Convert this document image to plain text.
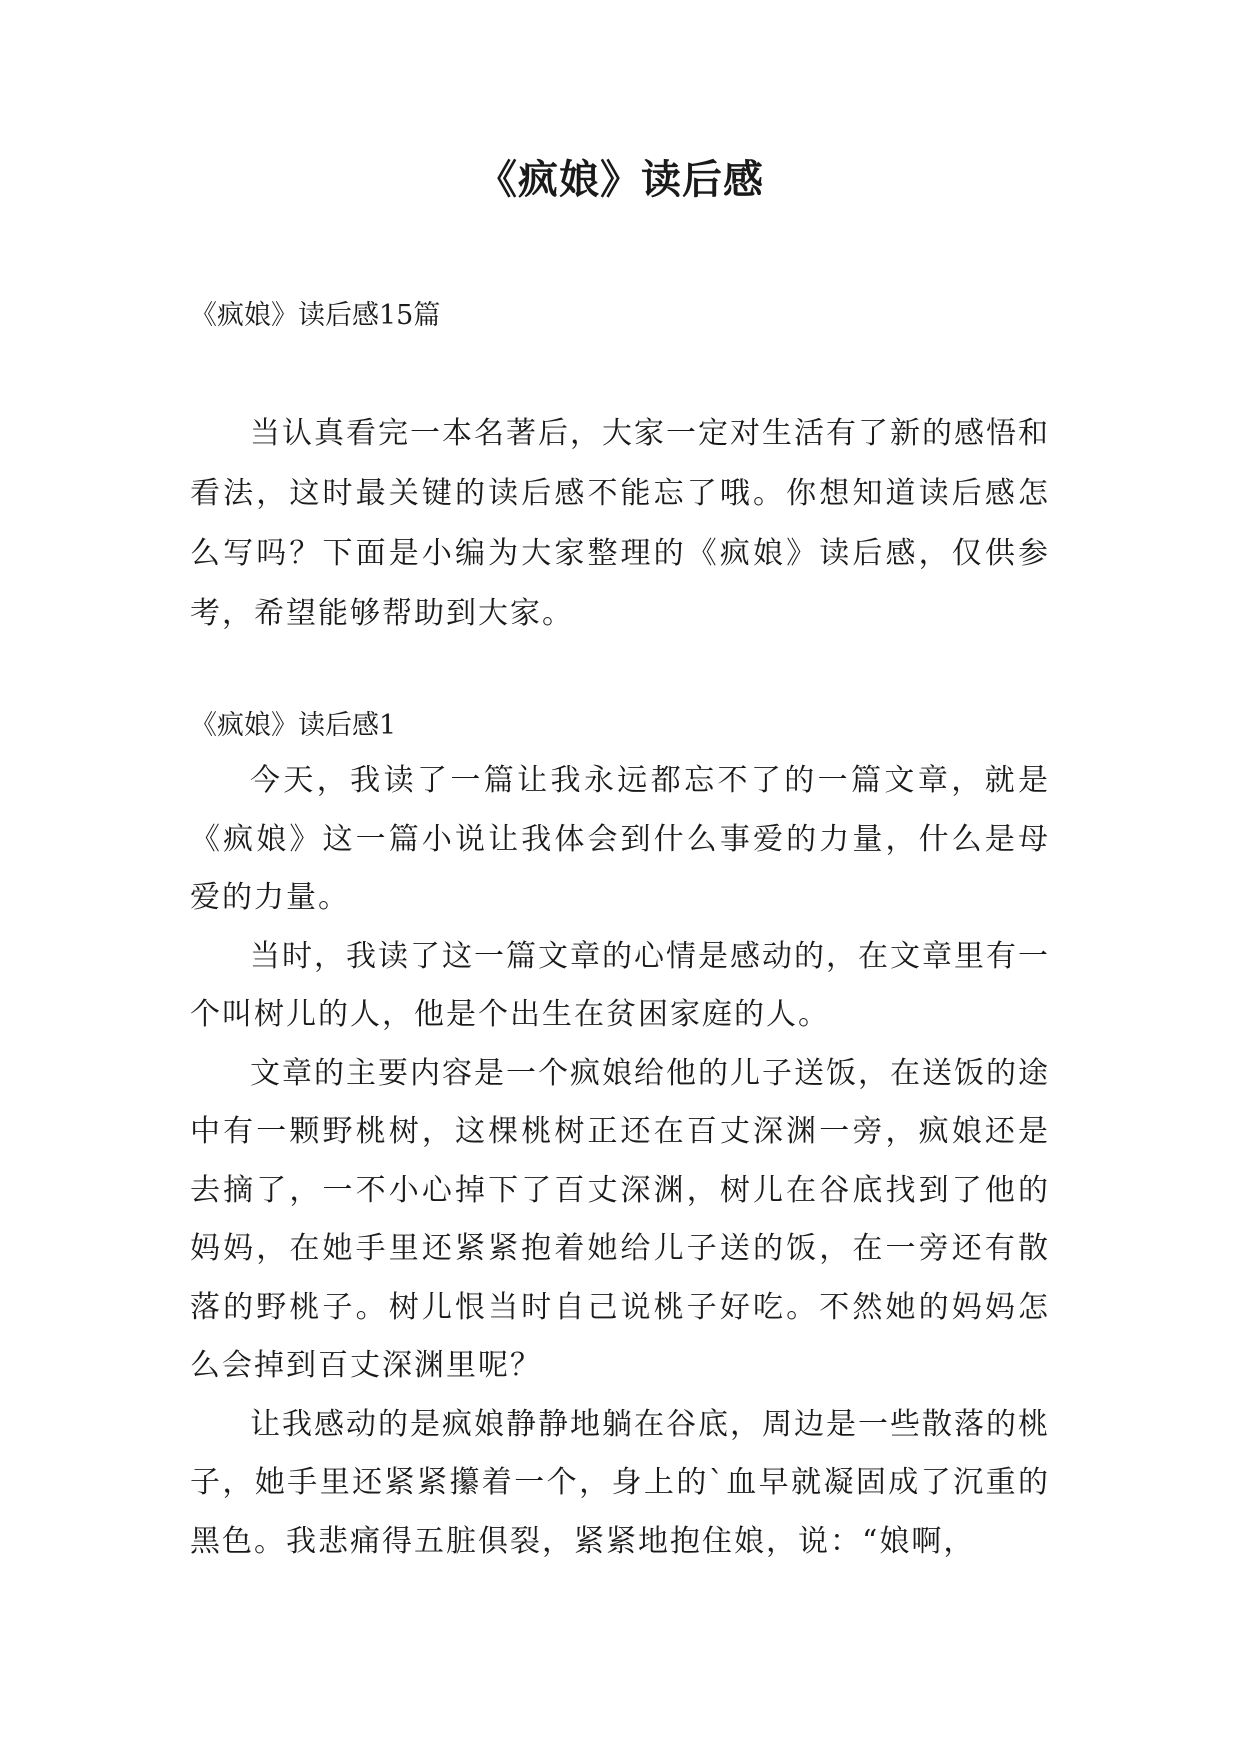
《疯娘》读后感

《疯娘》读后感15篇

当认真看完一本名著后，大家一定对生活有了新的感悟和看法，这时最关键的读后感不能忘了哦。你想知道读后感怎么写吗？下面是小编为大家整理的《疯娘》读后感，仅供参考，希望能够帮助到大家。

《疯娘》读后感1

今天，我读了一篇让我永远都忘不了的一篇文章，就是《疯娘》这一篇小说让我体会到什么事爱的力量，什么是母爱的力量。

当时，我读了这一篇文章的心情是感动的，在文章里有一个叫树儿的人，他是个出生在贫困家庭的人。

文章的主要内容是一个疯娘给他的儿子送饭，在送饭的途中有一颗野桃树，这棵桃树正还在百丈深渊一旁，疯娘还是去摘了，一不小心掉下了百丈深渊，树儿在谷底找到了他的妈妈，在她手里还紧紧抱着她给儿子送的饭，在一旁还有散落的野桃子。树儿恨当时自己说桃子好吃。不然她的妈妈怎么会掉到百丈深渊里呢？

让我感动的是疯娘静静地躺在谷底，周边是一些散落的桃子，她手里还紧紧攥着一个，身上的`血早就凝固成了沉重的黑色。我悲痛得五脏俱裂，紧紧地抱住娘，说：“娘啊，
